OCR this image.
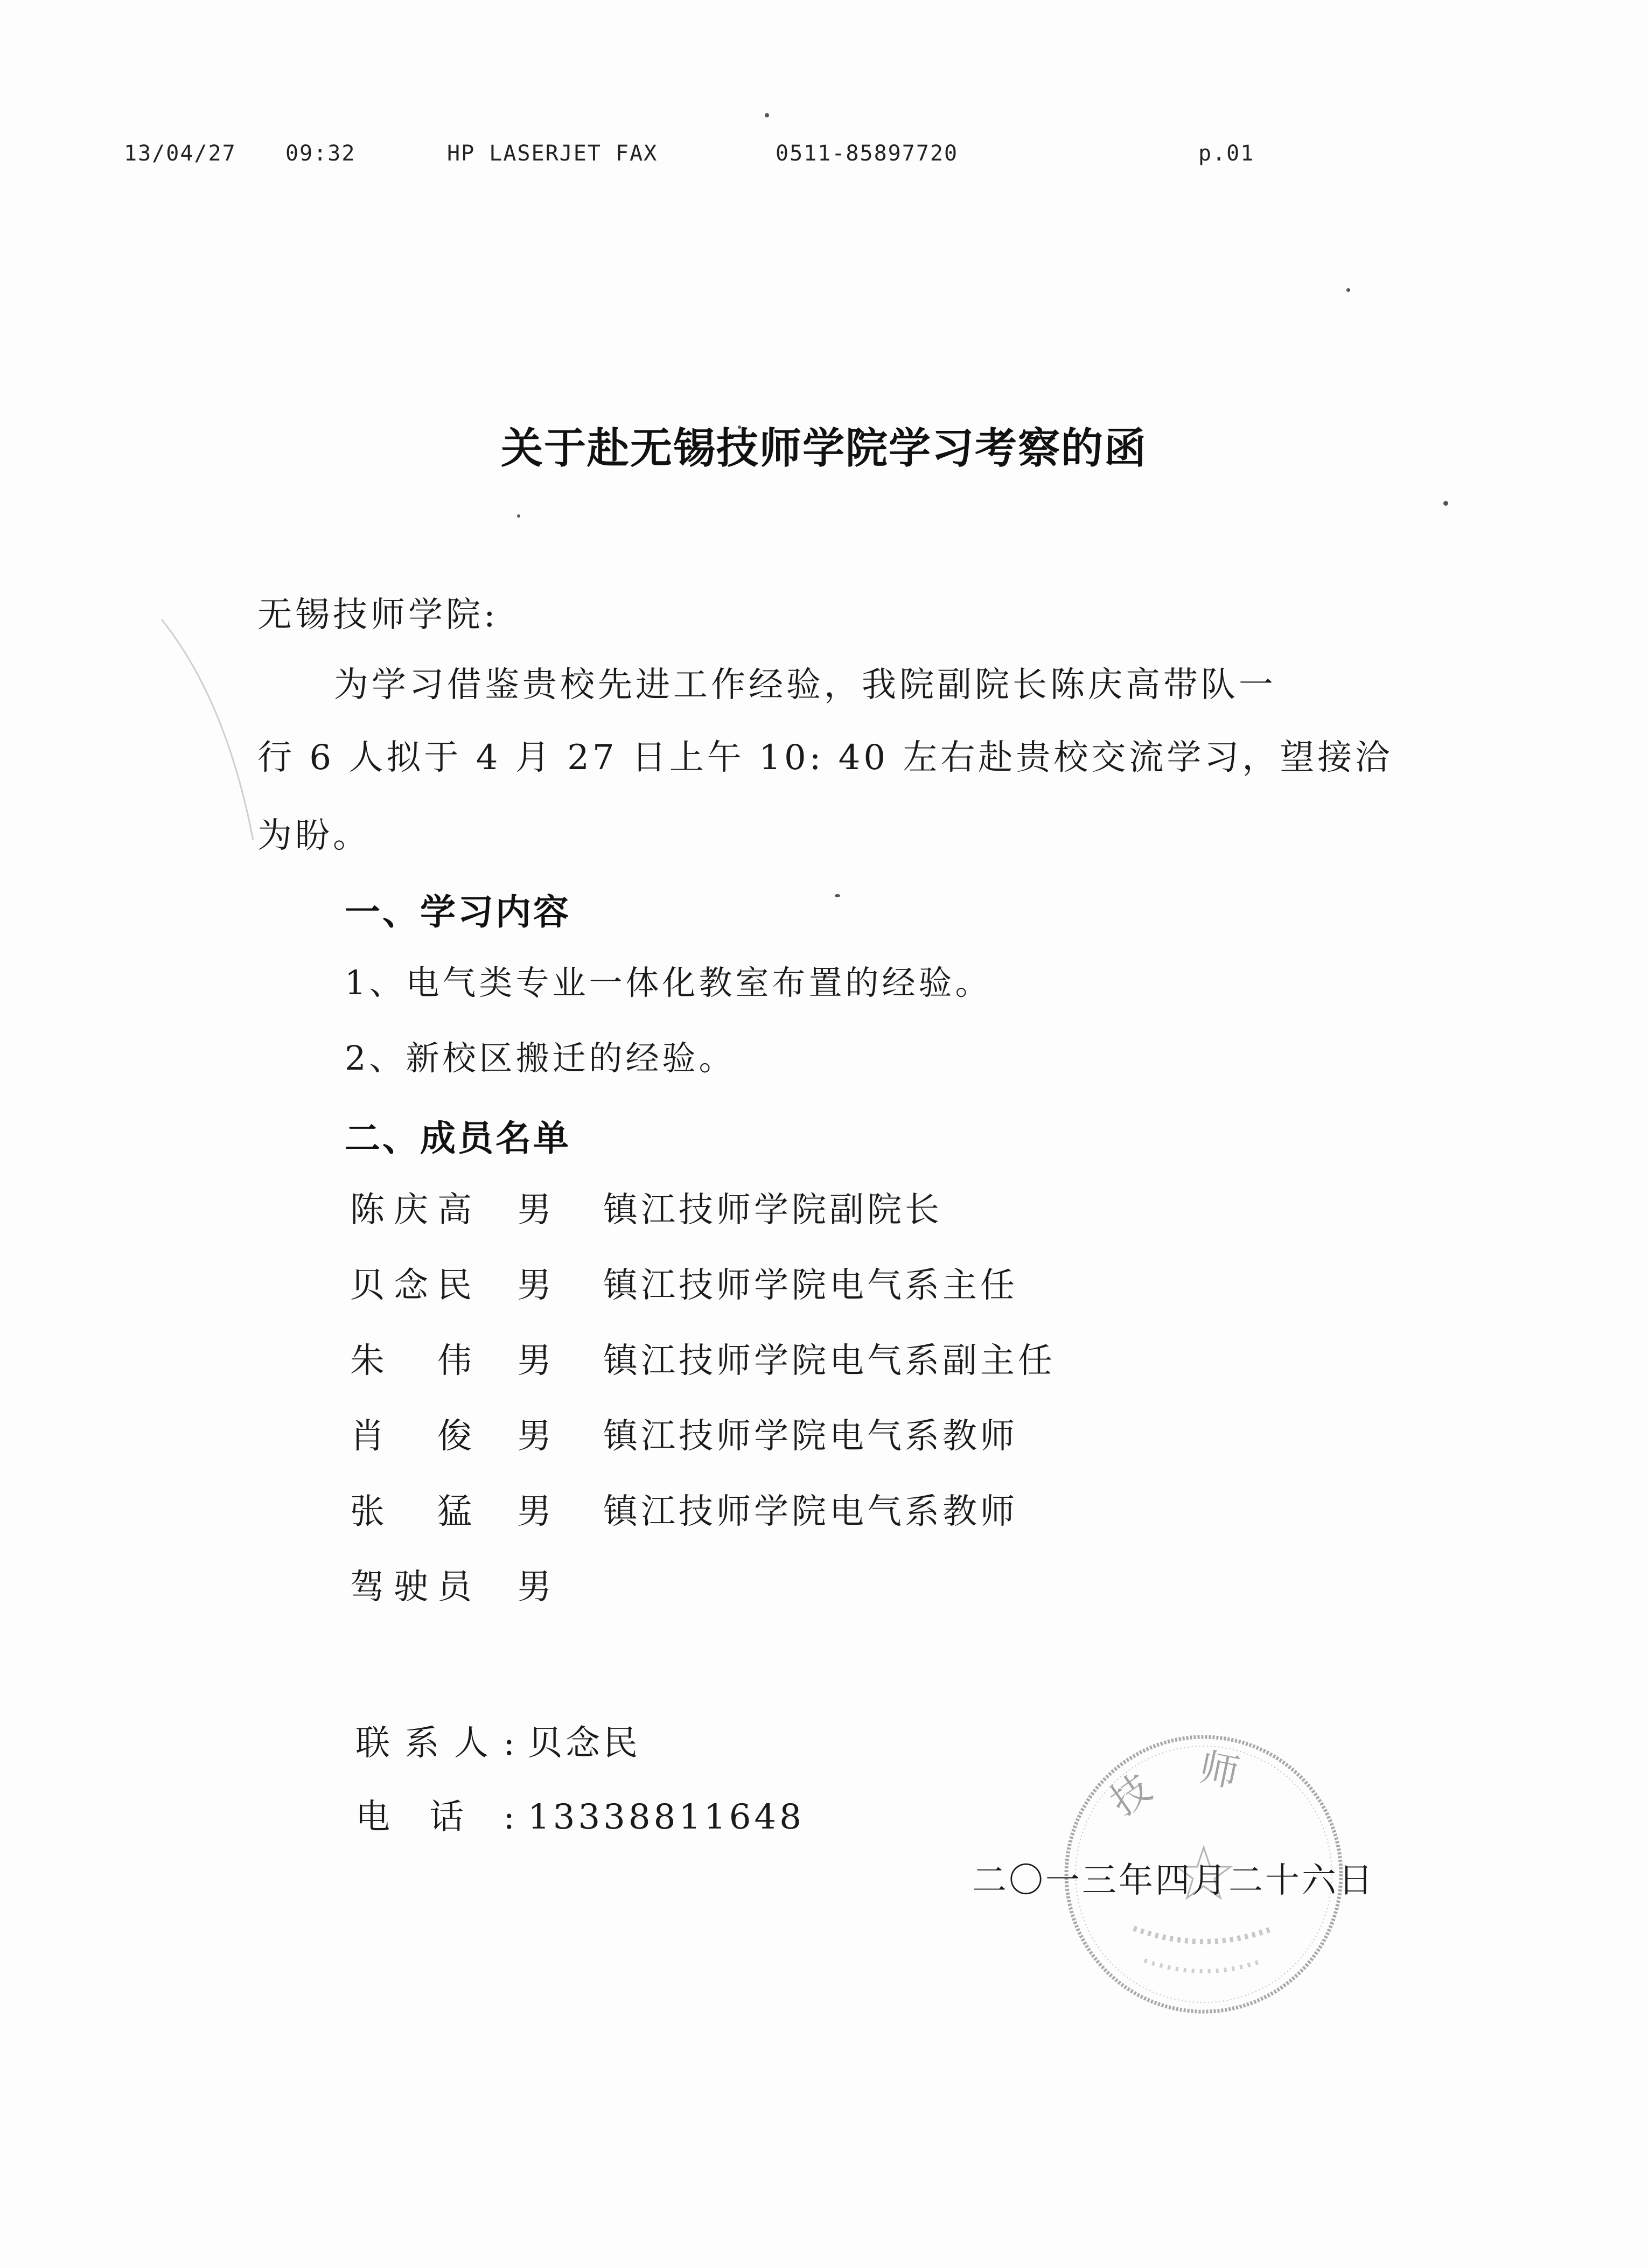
13/04/27 09:32	HP LASERJET FAX	0511-85897720	p.01
关于赴无锡技师学院学习考察的函
无锡技师学院:
为学习借鉴贵校先进工作经验，我院副院长陈庆高带队一
行 6 人拟于 4 月 27 日上午 10: 40 左右赴贵校交流学习，望接洽
为盼。
一、学习内容
1、电气类专业一体化教室布置的经验。
2、新校区搬迁的经验。
二、成员名单
陈庆高 男 镇江技师学院副院长
贝念民 男 镇江技师学院电气系主任
朱伟 男 镇江技师学院电气系副主任
肖俊 男 镇江技师学院电气系教师
张猛 男 镇江技师学院电气系教师
驾驶员 男
联系人: 贝念民
电话: 13338811648	技 师
二〇一三年四月二十六日
